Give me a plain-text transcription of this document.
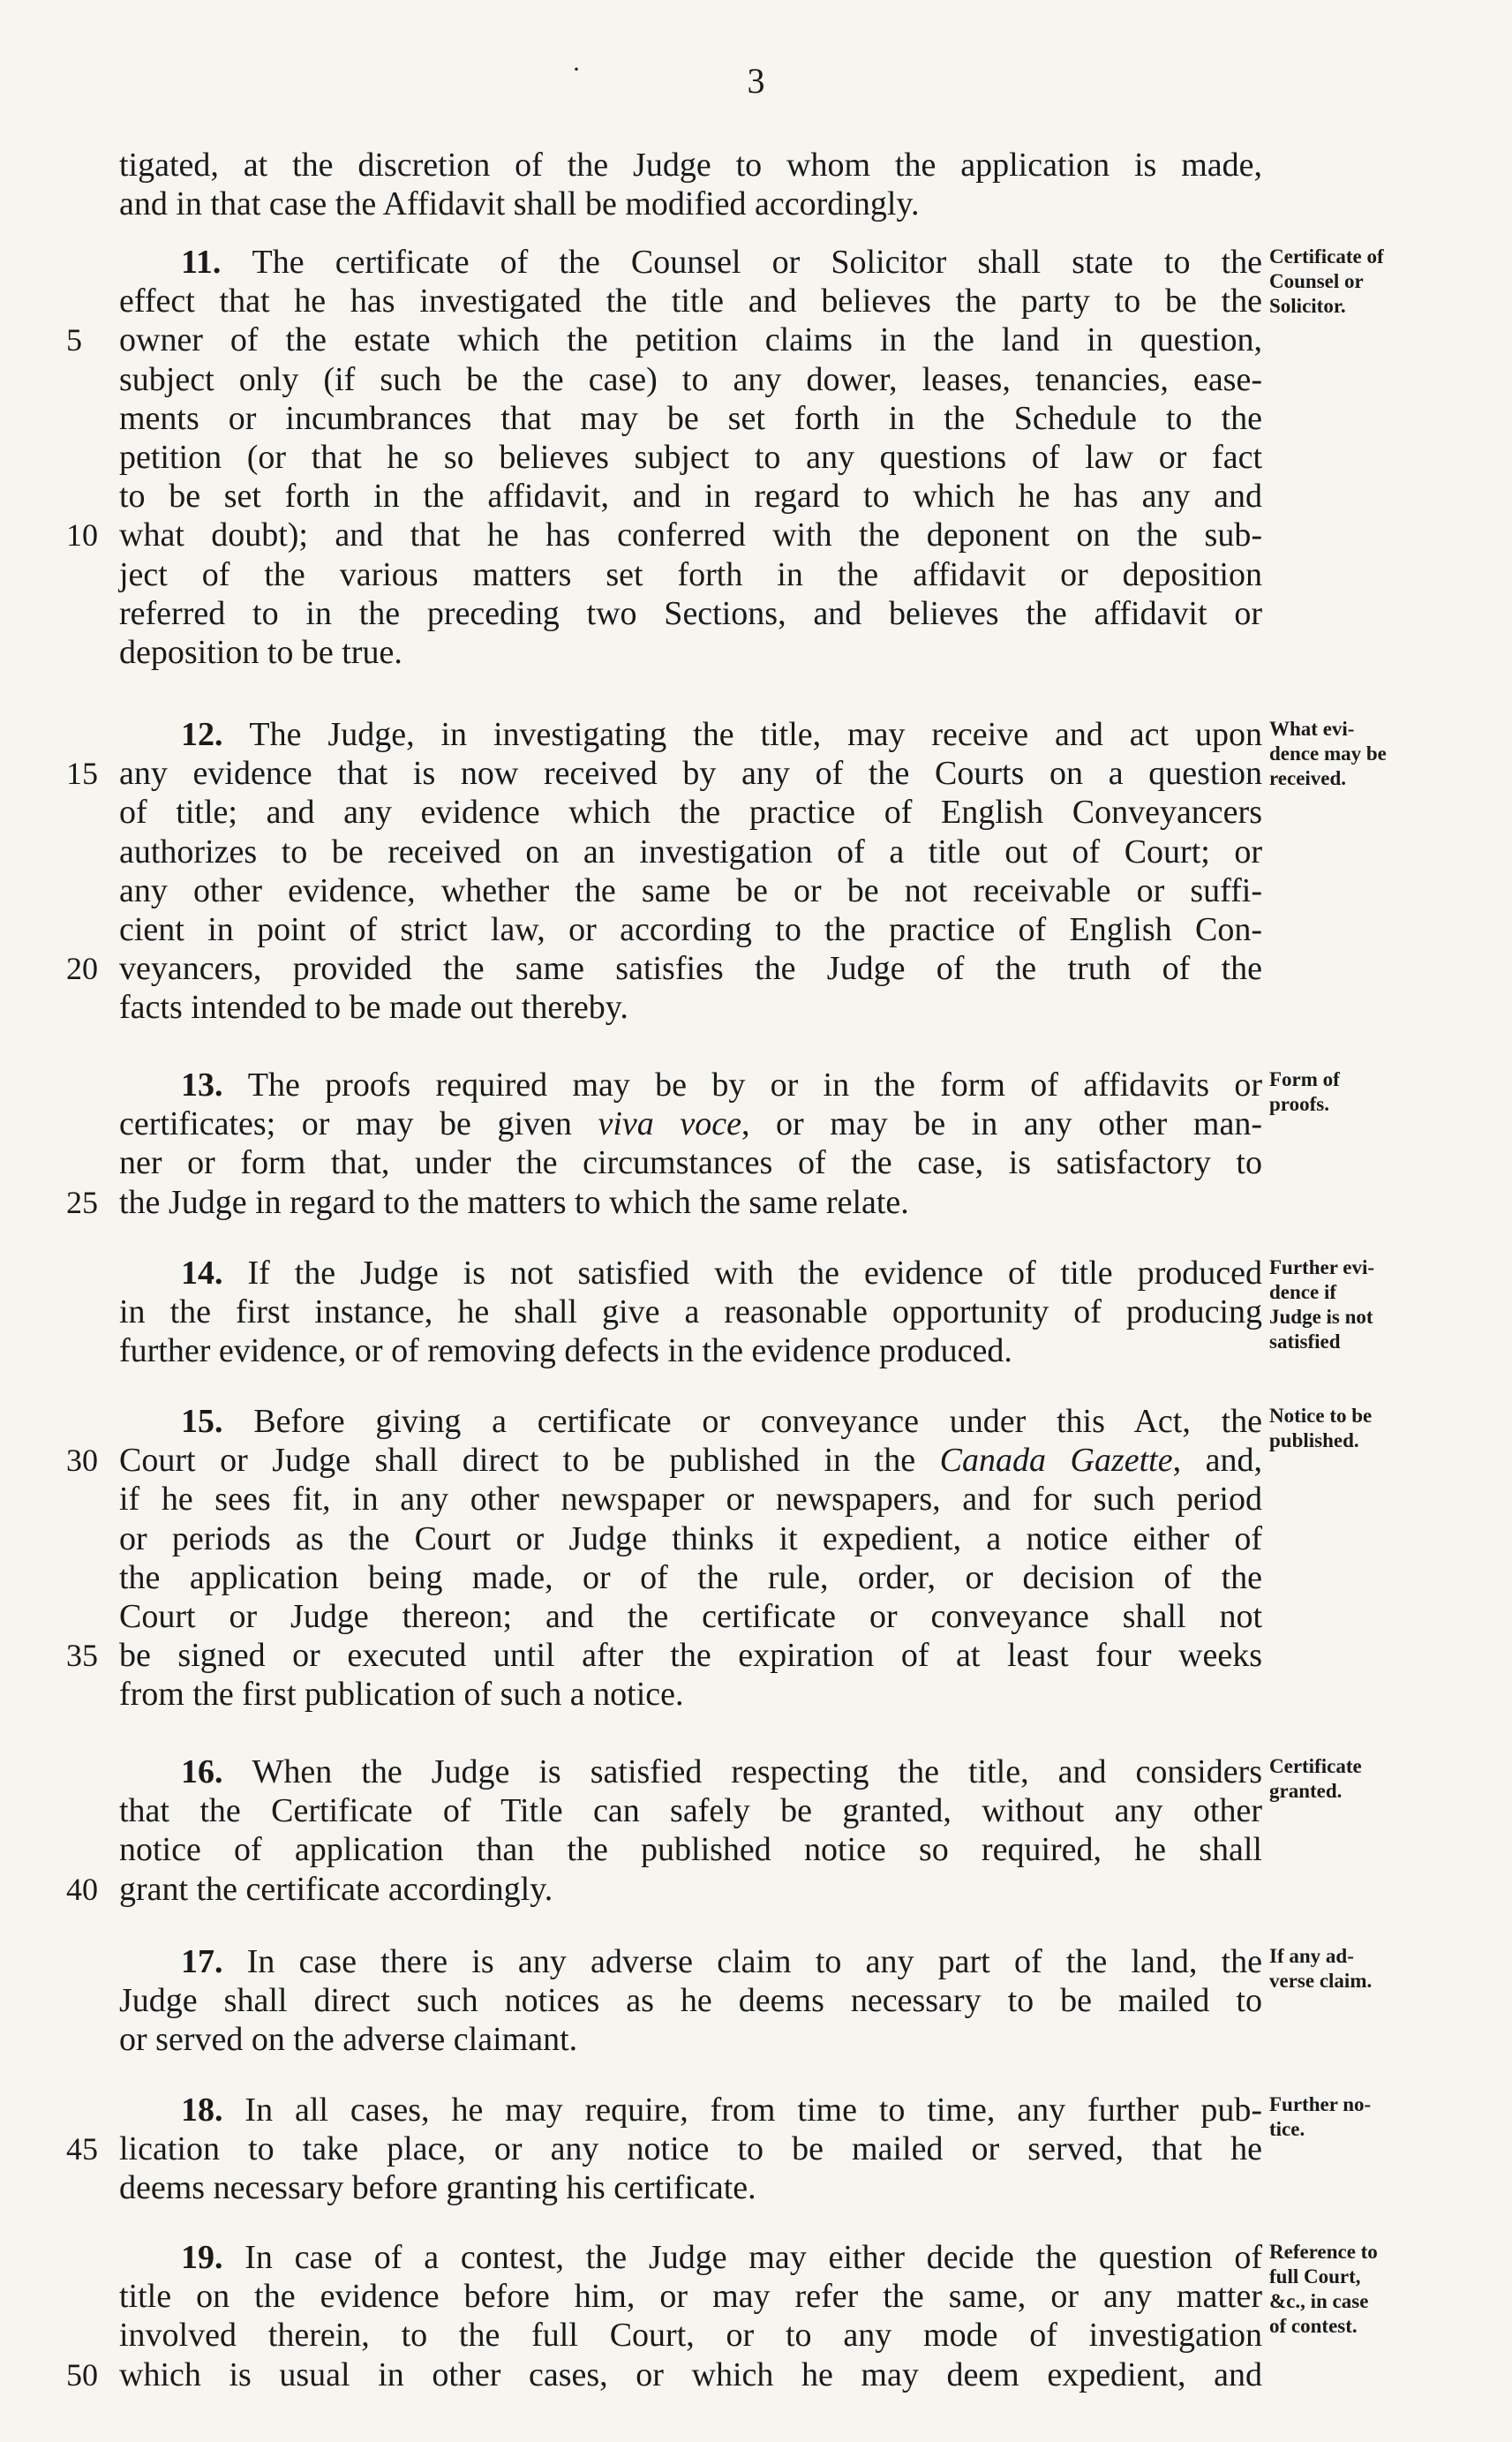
·	3
tigated, at the discretion of the Judge to whom the application is made,
and in that case the Affidavit shall be modified accordingly.
11. The certificate of the Counsel or Solicitor shall state to the
effect that he has investigated the title and believes the party to be the
5	owner of the estate which the petition claims in the land in question,
subject only (if such be the case) to any dower, leases, tenancies, ease-
ments or incumbrances that may be set forth in the Schedule to the
petition (or that he so believes subject to any questions of law or fact
to be set forth in the affidavit, and in regard to which he has any and
10 what doubt); and that he has conferred with the deponent on the sub-
ject of the various matters set forth in the affidavit or deposition
referred to in the preceding two Sections, and believes the affidavit or
deposition to be true.
Certificate of
Counsel or
Solicitor.
12. The Judge, in investigating the title, may receive and act upon
15 any evidence that is now received by any of the Courts on a question
of title; and any evidence which the practice of English Conveyancers
authorizes to be received on an investigation of a title out of Court; or
any other evidence, whether the same be or be not receivable or suffi-
cient in point of strict law, or according to the practice of English Con-
20 veyancers, provided the same satisfies the Judge of the truth of the
facts intended to be made out thereby.
What evi-
dence may be
received.
13. The proofs required may be by or in the form of affidavits or
certificates; or may be given viva voce, or may be in any other man-
ner or form that, under the circumstances of the case, is satisfactory to
25 the Judge in regard to the matters to which the same relate.
Form of
proofs.
14. If the Judge is not satisfied with the evidence of title produced
in the first instance, he shall give a reasonable opportunity of producing
further evidence, or of removing defects in the evidence produced.
Further evi-
dence if
Judge is not
satisfied
15. Before giving a certificate or conveyance under this Act, the
30 Court or Judge shall direct to be published in the Canada Gazette, and,
if he sees fit, in any other newspaper or newspapers, and for such period
or periods as the Court or Judge thinks it expedient, a notice either of
the application being made, or of the rule, order, or decision of the
Court or Judge thereon; and the certificate or conveyance shall not
35 be signed or executed until after the expiration of at least four weeks
from the first publication of such a notice.
Notice to be
published.
16. When the Judge is satisfied respecting the title, and considers
that the Certificate of Title can safely be granted, without any other
notice of application than the published notice so required, he shall
40 grant the certificate accordingly.
Certificate
granted.
17. In case there is any adverse claim to any part of the land, the
Judge shall direct such notices as he deems necessary to be mailed to
or served on the adverse claimant.
If any ad-
verse claim.
18. In all cases, he may require, from time to time, any further pub-
45 lication to take place, or any notice to be mailed or served, that he
deems necessary before granting his certificate.
Further no-
tice.
19. In case of a contest, the Judge may either decide the question of
title on the evidence before him, or may refer the same, or any matter
involved therein, to the full Court, or to any mode of investigation
50 which is usual in other cases, or which he may deem expedient, and
Reference to
full Court,
&c., in case
of contest.
